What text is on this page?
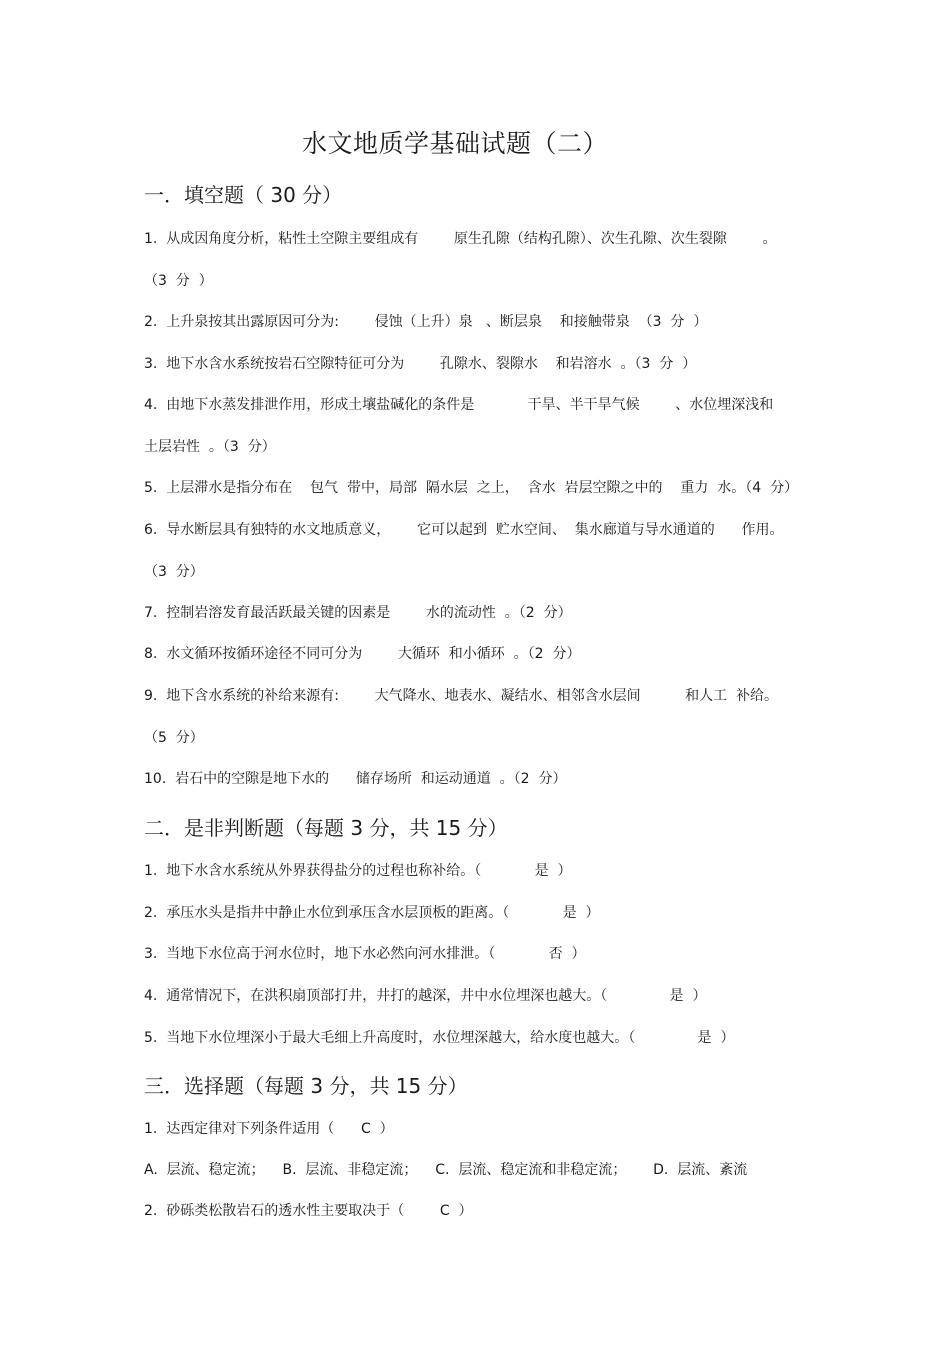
水文地质学基础试题（二）
一．填空题（ 30 分）
1.  从成因角度分析，粘性土空隙主要组成有        原生孔隙（结构孔隙）、次生孔隙、次生裂隙        。
（3  分  ）
2.  上升泉按其出露原因可分为:        侵蚀（上升）泉   、断层泉    和接触带泉  （3  分  ）
3.  地下水含水系统按岩石空隙特征可分为        孔隙水、裂隙水    和岩溶水  。（3  分  ）
4.  由地下水蒸发排泄作用，形成土壤盐碱化的条件是            干旱、半干旱气候        、水位埋深浅和
土层岩性  。（3  分）
5.  上层滞水是指分布在    包气  带中，局部  隔水层  之上，  含水  岩层空隙之中的    重力  水。（4  分）
6.  导水断层具有独特的水文地质意义，      它可以起到  贮水空间、  集水廊道与导水通道的      作用。
（3  分）
7.  控制岩溶发育最活跃最关键的因素是        水的流动性  。（2  分）
8.  水文循环按循环途径不同可分为        大循环  和小循环  。（2  分）
9.  地下含水系统的补给来源有:        大气降水、地表水、凝结水、相邻含水层间          和人工  补给。
（5  分）
10.  岩石中的空隙是地下水的      储存场所  和运动通道  。（2  分）
二．是非判断题（每题 3 分，共 15 分）
1.  地下水含水系统从外界获得盐分的过程也称补给。（            是  ）
2.  承压水头是指井中静止水位到承压含水层顶板的距离。（            是  ）
3.  当地下水位高于河水位时，地下水必然向河水排泄。（            否  ）
4.  通常情况下，在洪积扇顶部打井，井打的越深，井中水位埋深也越大。（              是  ）
5.  当地下水位埋深小于最大毛细上升高度时，水位埋深越大，给水度也越大。（              是  ）
三．选择题（每题 3 分，共 15 分）
1.  达西定律对下列条件适用（      C  ）
A.  层流、稳定流；    B.  层流、非稳定流；    C.  层流、稳定流和非稳定流；      D.  层流、紊流
2.  砂砾类松散岩石的透水性主要取决于（        C  ）
